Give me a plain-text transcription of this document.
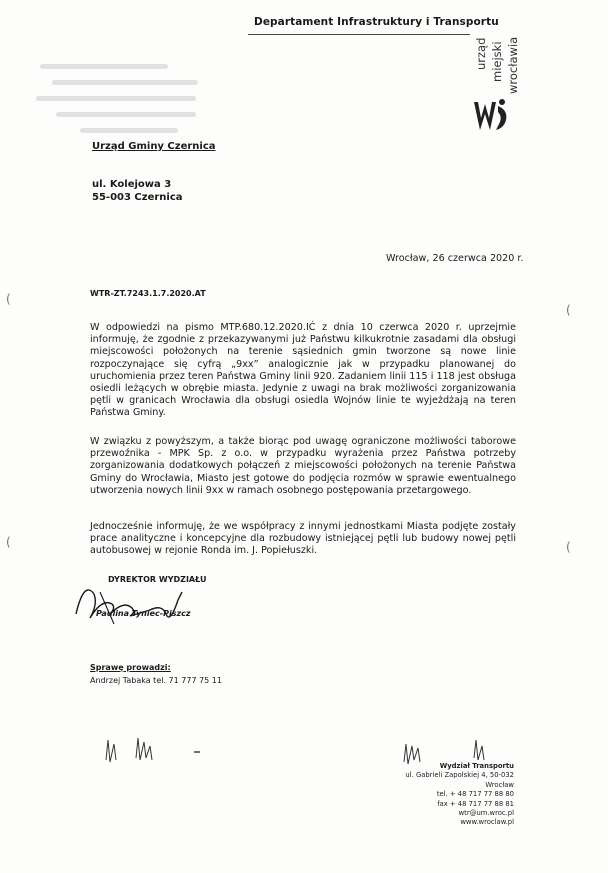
Departament Infrastruktury i Transportu
urząd miejski wrocławia
Urząd Gminy Czernica
ul. Kolejowa 3
55-003 Czernica
Wrocław, 26 czerwca 2020 r.
WTR-ZT.7243.1.7.2020.AT
W odpowiedzi na pismo MTP.680.12.2020.IĆ z dnia 10 czerwca 2020 r. uprzejmie informuję, że zgodnie z przekazywanymi już Państwu kilkukrotnie zasadami dla obsługi miejscowości położonych na terenie sąsiednich gmin tworzone są nowe linie rozpoczynające się cyfrą „9xx” analogicznie jak w przypadku planowanej do uruchomienia przez teren Państwa Gminy linii 920. Zadaniem linii 115 i 118 jest obsługa osiedli leżących w obrębie miasta. Jedynie z uwagi na brak możliwości zorganizowania pętli w granicach Wrocławia dla obsługi osiedla Wojnów linie te wyjeżdżają na teren Państwa Gminy.
W związku z powyższym, a także biorąc pod uwagę ograniczone możliwości taborowe przewoźnika - MPK Sp. z o.o. w przypadku wyrażenia przez Państwa potrzeby zorganizowania dodatkowych połączeń z miejscowości położonych na terenie Państwa Gminy do Wrocławia, Miasto jest gotowe do podjęcia rozmów w sprawie ewentualnego utworzenia nowych linii 9xx w ramach osobnego postępowania przetargowego.
Jednocześnie informuję, że we współpracy z innymi jednostkami Miasta podjęte zostały prace analityczne i koncepcyjne dla rozbudowy istniejącej pętli lub budowy nowej pętli autobusowej w rejonie Ronda im. J. Popiełuszki.
DYREKTOR WYDZIAŁU
Paulina Tyniec-Piszcz
Sprawę prowadzi:
Andrzej Tabaka tel. 71 777 75 11
Wydział Transportu
ul. Gabrieli Zapolskiej 4, 50-032 Wrocław
tel. + 48 717 77 88 80
fax + 48 717 77 88 81
wtr@um.wroc.pl
www.wroclaw.pl
(
(
(
(
